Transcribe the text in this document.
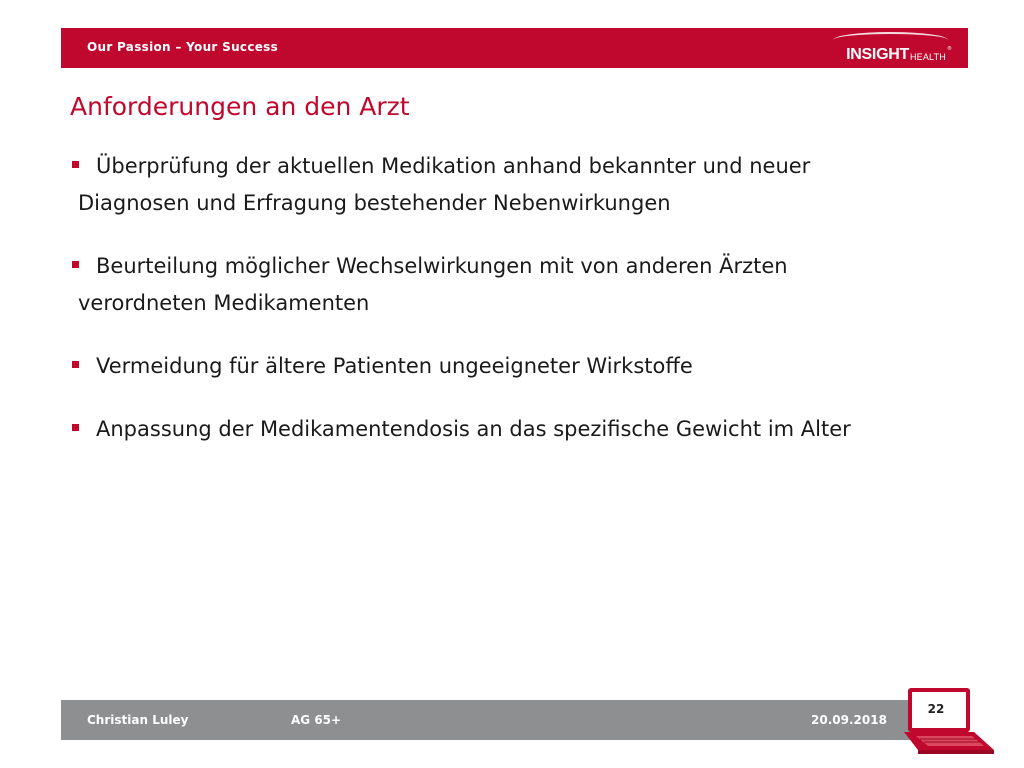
Our Passion – Your Success	INSIGHT HEALTH
®
Anforderungen an den Arzt
Überprüfung der aktuellen Medikation anhand bekannter und neuer
Diagnosen und Erfragung bestehender Nebenwirkungen
Beurteilung möglicher Wechselwirkungen mit von anderen Ärzten
verordneten Medikamenten
Vermeidung für ältere Patienten ungeeigneter Wirkstoffe
Anpassung der Medikamentendosis an das spezifische Gewicht im Alter
Christian Luley	AG 65+	20.09.2018
22
